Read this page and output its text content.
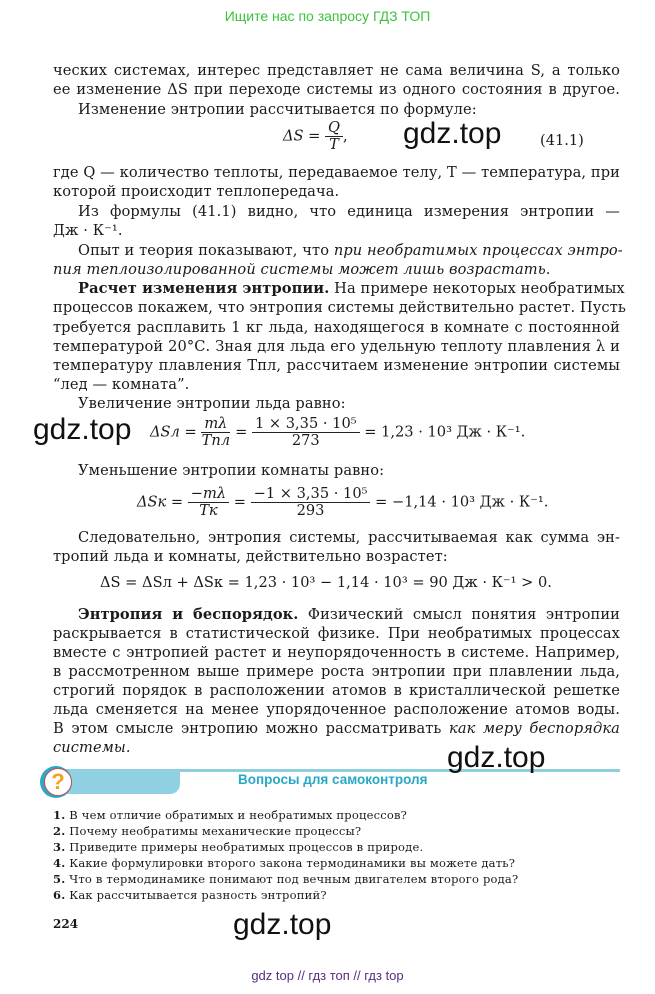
Ищите нас по запросу ГДЗ ТОП
ческих системах, интерес представляет не сама величина S, а только
ее изменение ΔS при переходе системы из одного состояния в другое.
Изменение энтропии рассчитывается по формуле:
$\Delta S = \frac{Q}{T}$ , gdz.top	(41.1)
где Q — количество теплоты, передаваемое телу, T — температура, при
которой происходит теплопередача.
Из формулы (41.1) видно, что единица измерения энтропии —
Дж · К⁻¹.
Опыт и теория показывают, что при необратимых процессах энтро-
пия теплоизолированной системы может лишь возрастать.
Расчет изменения энтропии. На примере некоторых необратимых
процессов покажем, что энтропия системы действительно растет. Пусть
требуется расплавить 1 кг льда, находящегося в комнате с постоянной
температурой 20°С. Зная для льда его удельную теплоту плавления λ и
температуру плавления Tпл, рассчитаем изменение энтропии системы
“лед — комната”.
Увеличение энтропии льда равно:
gdz.top $\Delta Sл = \frac{m\lambda}{\text{Tпл}} = \frac{\text{1 × 3,35 · 10⁵}}{273} = 1,23 \cdot 10^3$ Дж · К⁻¹.
Уменьшение энтропии комнаты равно:
$\Delta Sк = \frac{-m\lambda}{Tк} = \frac{\text{−1 × 3,35 · 10⁵}}{293} = -1,14 \cdot 10^3$ Дж · К⁻¹.
Следовательно, энтропия системы, рассчитываемая как сумма эн-
тропий льда и комнаты, действительно возрастет:
ΔS = ΔSл + ΔSк = 1,23 · 10³ − 1,14 · 10³ = 90 Дж · К⁻¹ > 0.
Энтропия и беспорядок. Физический смысл понятия энтропии
раскрывается в статистической физике. При необратимых процессах
вместе с энтропией растет и неупорядоченность в системе. Например,
в рассмотренном выше примере роста энтропии при плавлении льда,
строгий порядок в расположении атомов в кристаллической решетке
льда сменяется на менее упорядоченное расположение атомов воды.
В этом смысле энтропию можно рассматривать как меру беспорядка
системы.
?	Вопросы для самоконтроля
gdz.top
1. В чем отличие обратимых и необратимых процессов?
2. Почему необратимы механические процессы?
3. Приведите примеры необратимых процессов в природе.
4. Какие формулировки второго закона термодинамики вы можете дать?
5. Что в термодинамике понимают под вечным двигателем второго рода?
6. Как рассчитывается разность энтропий?
224	gdz.top
gdz top // гдз топ // гдз top
